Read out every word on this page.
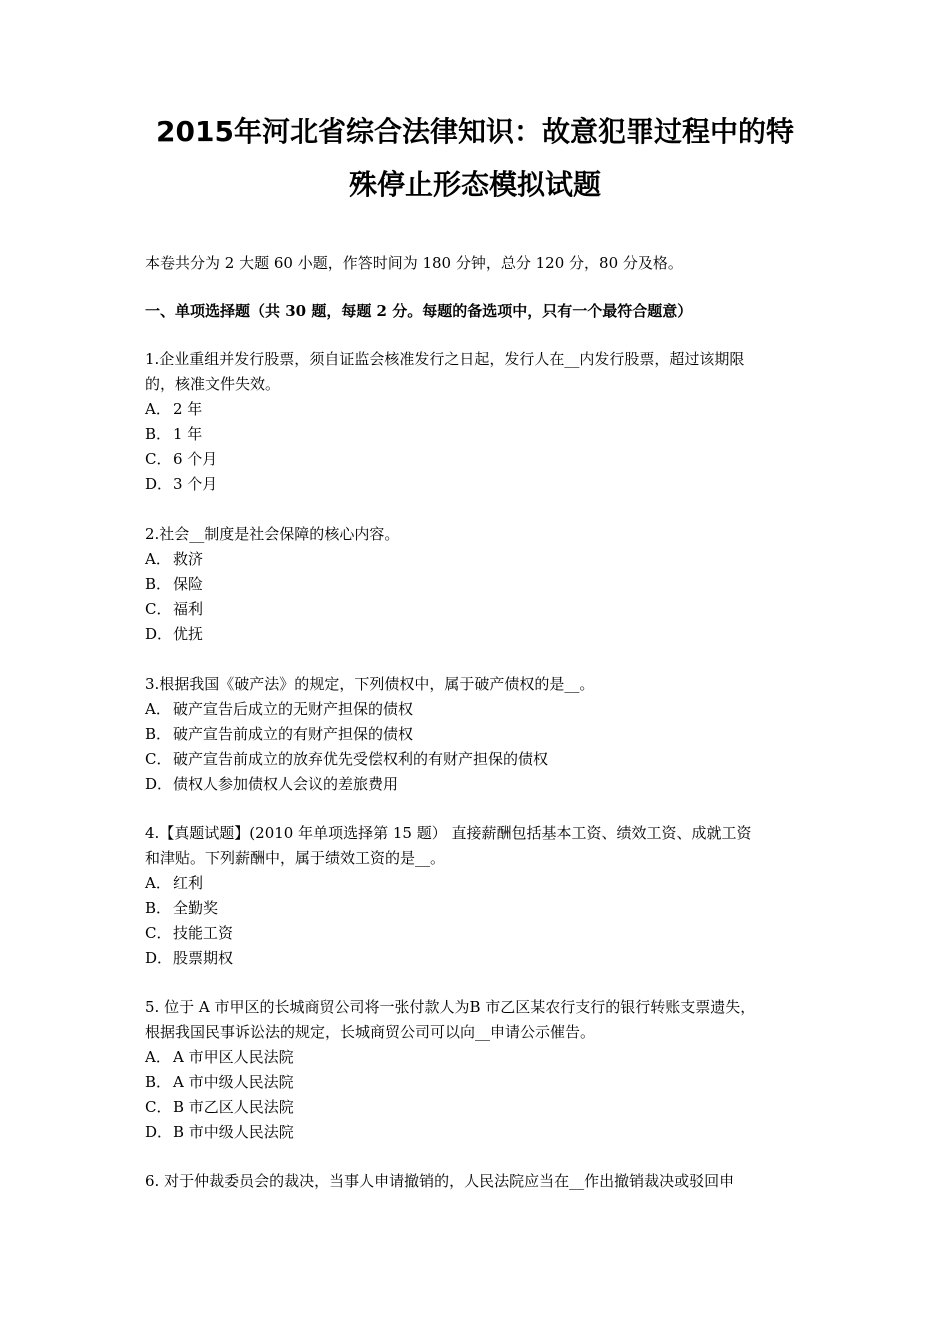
2015年河北省综合法律知识：故意犯罪过程中的特
殊停止形态模拟试题
本卷共分为 2 大题 60 小题，作答时间为 180 分钟，总分 120 分，80 分及格。
一、单项选择题（共 30 题，每题 2 分。每题的备选项中，只有一个最符合题意）
1.企业重组并发行股票，须自证监会核准发行之日起，发行人在__内发行股票，超过该期限
的，核准文件失效。
A． 2 年
B． 1 年
C． 6 个月
D．3 个月
2.社会__制度是社会保障的核心内容。
A． 救济
B． 保险
C． 福利
D．优抚
3.根据我国《破产法》的规定，下列债权中，属于破产债权的是__。
A． 破产宣告后成立的无财产担保的债权
B． 破产宣告前成立的有财产担保的债权
C． 破产宣告前成立的放弃优先受偿权利的有财产担保的债权
D．债权人参加债权人会议的差旅费用
4.【真题试题】(2010 年单项选择第 15 题） 直接薪酬包括基本工资、绩效工资、成就工资
和津贴。下列薪酬中，属于绩效工资的是__。
A． 红利
B． 全勤奖
C． 技能工资
D．股票期权
5. 位于 A 市甲区的长城商贸公司将一张付款人为B 市乙区某农行支行的银行转账支票遗失，
根据我国民事诉讼法的规定，长城商贸公司可以向__申请公示催告。
A． A 市甲区人民法院
B． A 市中级人民法院
C． B 市乙区人民法院
D．B 市中级人民法院
6. 对于仲裁委员会的裁决，当事人申请撤销的，人民法院应当在__作出撤销裁决或驳回申
